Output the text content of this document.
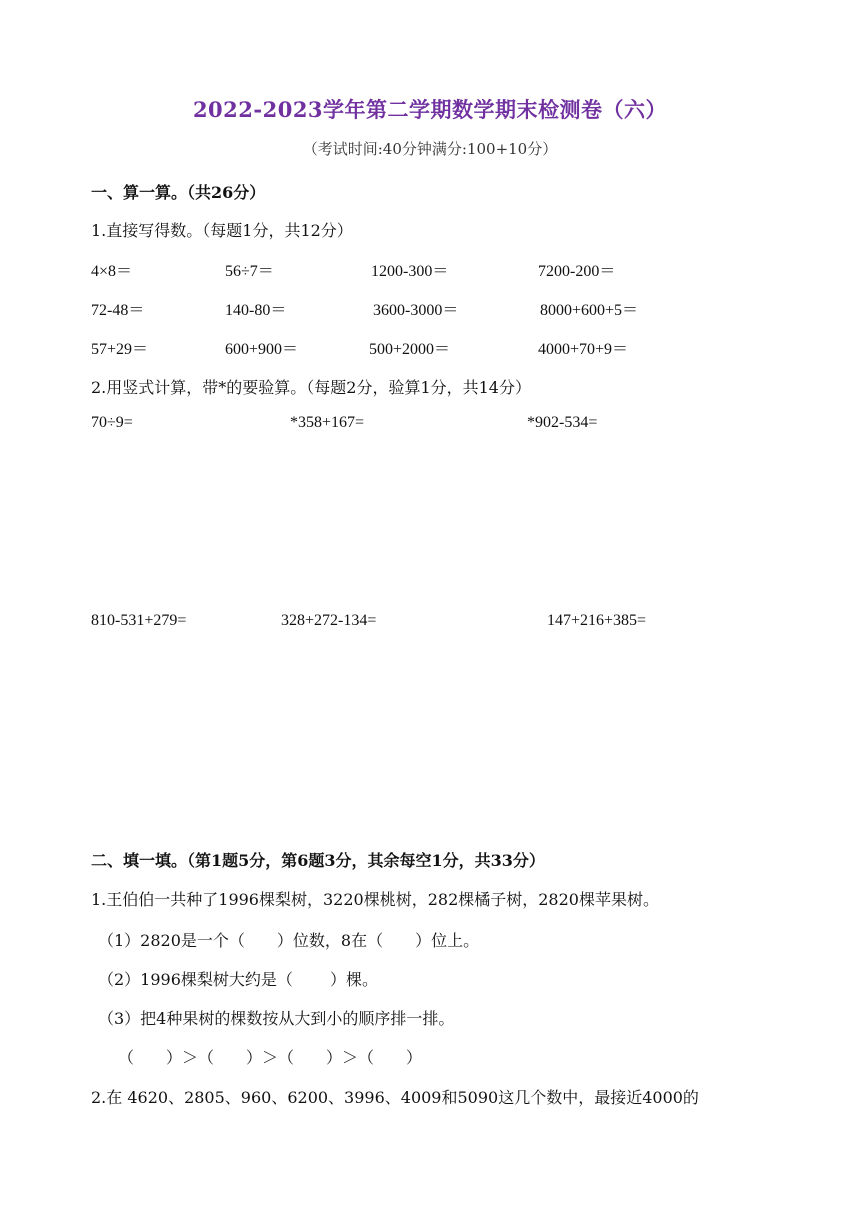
2022-2023学年第二学期数学期末检测卷（六）
（考试时间:40分钟满分:100+10分）
一、算一算。（共26分）
1.直接写得数。（每题1分，共12分）
4×8＝	56÷7＝	1200-300＝	7200-200＝
72-48＝	140-80＝	3600-3000＝	8000+600+5＝
57+29＝	600+900＝	500+2000＝	4000+70+9＝
2.用竖式计算，带*的要验算。（每题2分，验算1分，共14分）
70÷9=	*358+167=	*902-534=
810-531+279=	328+272-134=	147+216+385=
二、填一填。（第1题5分，第6题3分，其余每空1分，共33分）
1.王伯伯一共种了1996棵梨树，3220棵桃树，282棵橘子树，2820棵苹果树。
（1）2820是一个（　　）位数，8在（　　）位上。
（2）1996棵梨树大约是（　　 ）棵。
（3）把4种果树的棵数按从大到小的顺序排一排。
（　　）＞（　　）＞（　　）＞（　　）
2.在 4620、2805、960、6200、3996、4009和5090这几个数中，最接近4000的
